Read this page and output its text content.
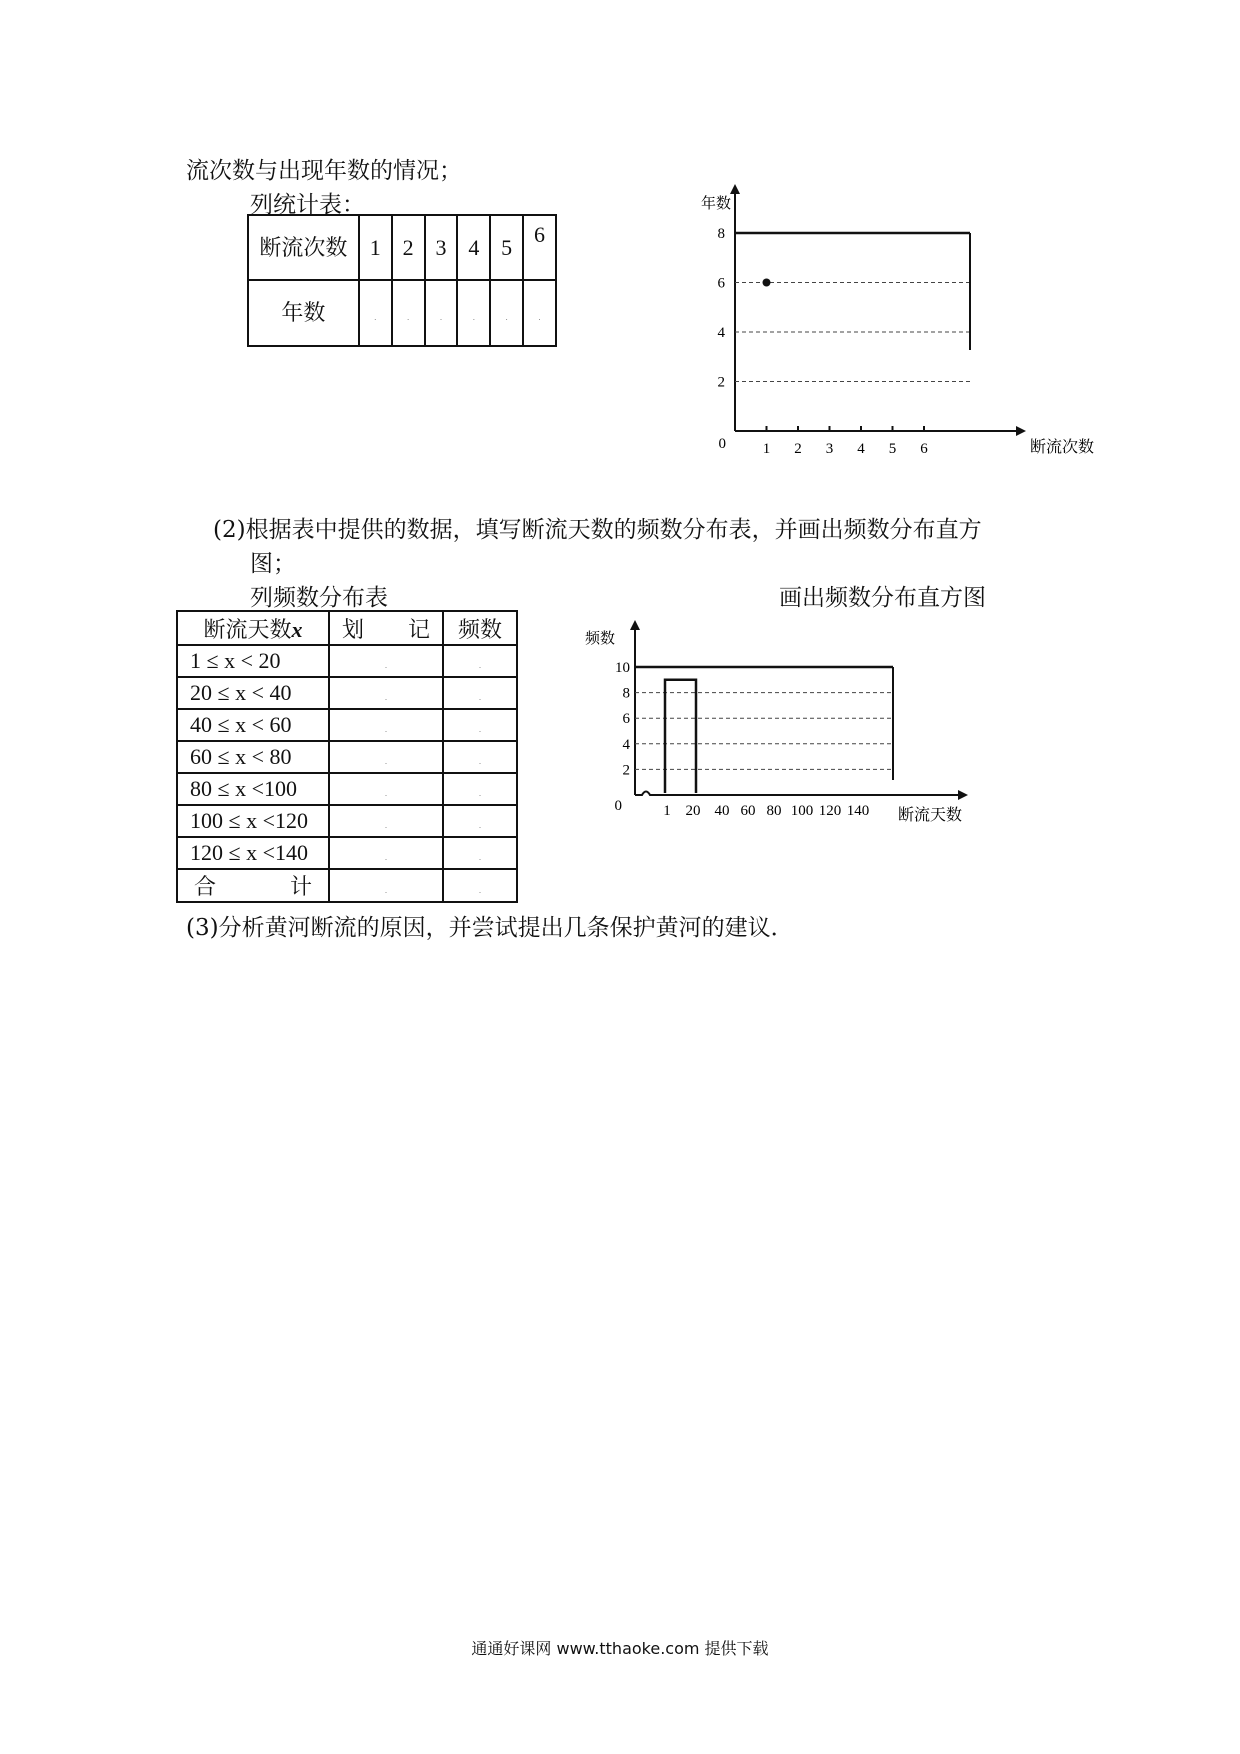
流次数与出现年数的情况；
列统计表：
断流次数	1	2	3	4	5	6
年数	.	.	.	.	.	.
年数
断流次数
0
2
4
6
8
1 2 3 4 5 6
(2)根据表中提供的数据，填写断流天数的频数分布表，并画出频数分布直方
图；
列频数分布表	画出频数分布直方图
断流天数x	划　　记	频数
1 ≤ x < 20	.	.
20 ≤ x < 40	.	.
40 ≤ x < 60	.	.
60 ≤ x < 80	.	.
80 ≤ x <100	.	.
100 ≤ x <120	.	.
120 ≤ x <140	.	.

合 计	.	.
频数
断流天数
0
2
4
6
8
10
1 20 40 60 80 100 120 140
(3)分析黄河断流的原因，并尝试提出几条保护黄河的建议．
通通好课网 www.tthaoke.com 提供下载
